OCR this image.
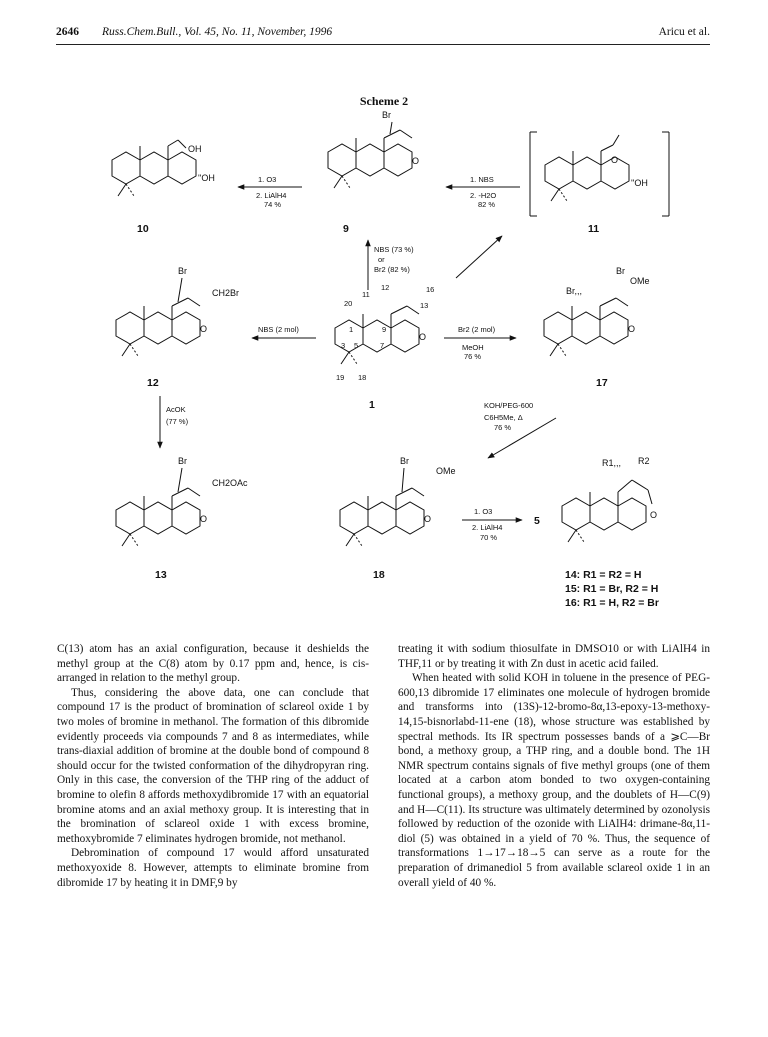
2646 Russ.Chem.Bull., Vol. 45, No. 11, November, 1996	Aricu et al.
Scheme 2
OH
''OH
10
1. O3
2. LiAlH4
74 %
Br
O
9
1. NBS
2. -H2O
82 %
O
''OH
11
NBS (73 %)
or
Br2 (82 %)
Br
CH2Br
O
12
NBS (2 mol)
O
12
11
16
20	13
1	9
3 5	7
19 18
1
Br2 (2 mol)
MeOH
76 %
Br
OMe
Br,,,
O
17
AcOK
(77 %)
KOH/PEG-600
C6H5Me, Δ
76 %
Br
CH2OAc
O
13
Br
OMe
O
18
1. O3
2. LiAlH4
70 %
5	O
R1,,, R2
14: R1 = R2 = H
15: R1 = Br, R2 = H
16: R1 = H, R2 = Br

C(13) atom has an axial configuration, because it deshields the methyl group at the C(8) atom by 0.17 ppm and, hence, is cis-arranged in relation to the methyl group.

Thus, considering the above data, one can conclude that compound 17 is the product of bromination of sclareol oxide 1 by two moles of bromine in methanol. The formation of this dibromide evidently proceeds via compounds 7 and 8 as intermediates, while trans-diaxial addition of bromine at the double bond of compound 8 should occur for the twisted conformation of the dihydropyran ring. Only in this case, the conversion of the THP ring of the adduct of bromine to olefin 8 affords methoxydibromide 17 with an equatorial bromine atoms and an axial methoxy group. It is interesting that in the bromination of sclareol oxide 1 with excess bromine, methoxybromide 7 eliminates hydrogen bromide, not methanol.

Debromination of compound 17 would afford unsaturated methoxyoxide 8. However, attempts to eliminate bromine from dibromide 17 by heating it in DMF,9 by

treating it with sodium thiosulfate in DMSO10 or with LiAlH4 in THF,11 or by treating it with Zn dust in acetic acid failed.

When heated with solid KOH in toluene in the presence of PEG-600,13 dibromide 17 eliminates one molecule of hydrogen bromide and transforms into (13S)-12-bromo-8α,13-epoxy-13-methoxy-14,15-bisnorlabd-11-ene (18), whose structure was established by spectral methods. Its IR spectrum possesses bands of a ⩾C—Br bond, a methoxy group, a THP ring, and a double bond. The 1H NMR spectrum contains signals of five methyl groups (one of them located at a carbon atom bonded to two oxygen-containing functional groups), a methoxy group, and the doublets of H—C(9) and H—C(11). Its structure was ultimately determined by ozonolysis followed by reduction of the ozonide with LiAlH4: drimane-8α,11-diol (5) was obtained in a yield of 70 %. Thus, the sequence of transformations 1→17→18→5 can serve as a route for the preparation of drimanediol 5 from available sclareol oxide 1 in an overall yield of 40 %.
